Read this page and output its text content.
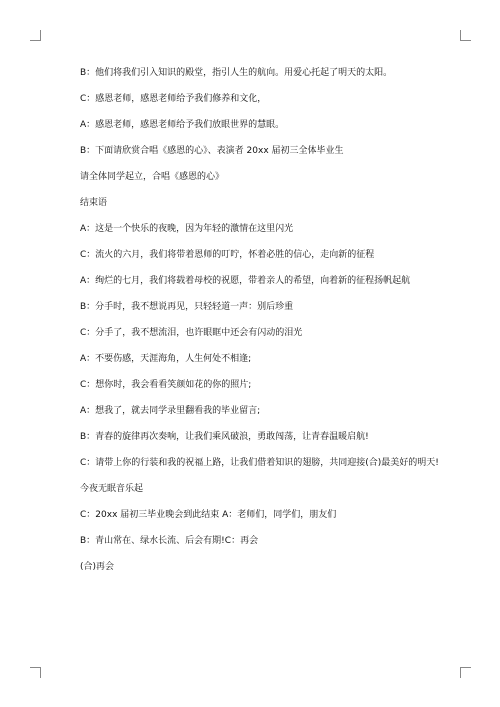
B：他们将我们引入知识的殿堂，指引人生的航向。用爱心托起了明天的太阳。

C：感恩老师，感恩老师给予我们修养和文化，

A：感恩老师，感恩老师给予我们放眼世界的慧眼。

B：下面请欣赏合唱《感恩的心》、表演者 20xx 届初三全体毕业生

请全体同学起立，合唱《感恩的心》

结束语

A：这是一个快乐的夜晚，因为年轻的激情在这里闪光

C：流火的六月，我们将带着恩师的叮咛，怀着必胜的信心，走向新的征程

A：绚烂的七月，我们将载着母校的祝愿，带着亲人的希望，向着新的征程扬帆起航

B：分手时，我不想说再见，只轻轻道一声：别后珍重

C：分手了，我不想流泪，也许眼眶中还会有闪动的泪光

A：不要伤感，天涯海角，人生何处不相逢;

C：想你时，我会看看笑颜如花的你的照片;

A：想我了，就去同学录里翻看我的毕业留言;

B：青春的旋律再次奏响，让我们乘风破浪，勇敢闯荡，让青春温暖启航!

C：请带上你的行装和我的祝福上路，让我们借着知识的翅膀，共同迎接(合)最美好的明天!

今夜无眠音乐起

C：20xx 届初三毕业晚会到此结束 A：老师们，同学们，朋友们

B：青山常在、绿水长流、后会有期!C：再会

(合)再会
